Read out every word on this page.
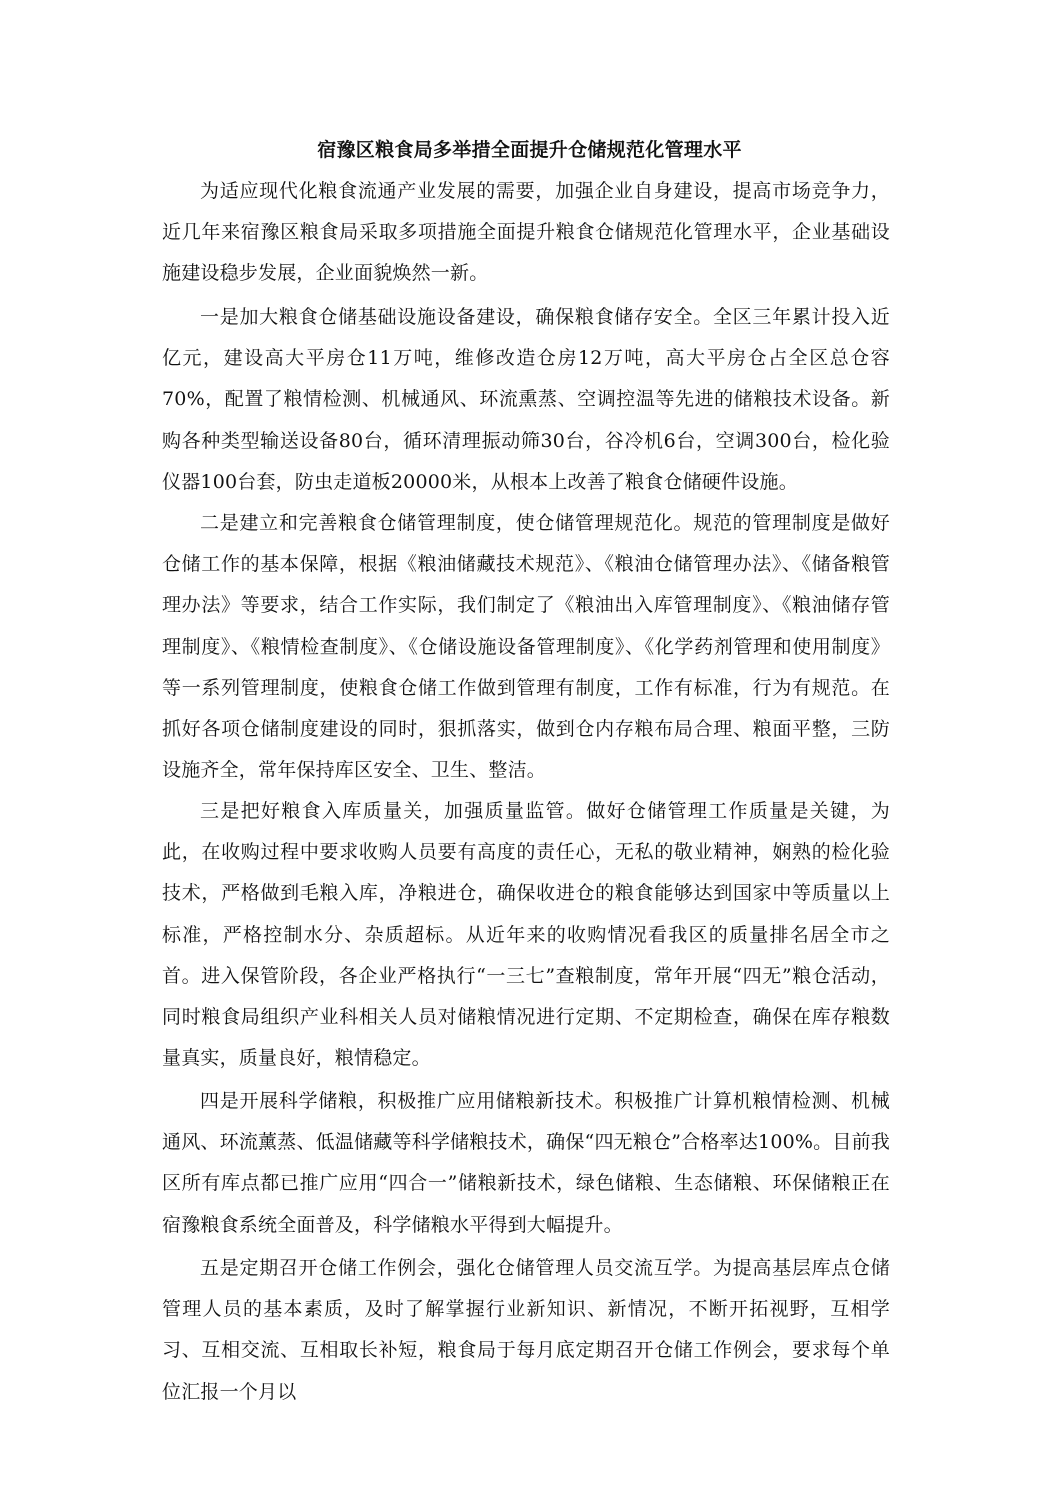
宿豫区粮食局多举措全面提升仓储规范化管理水平

为适应现代化粮食流通产业发展的需要，加强企业自身建设，提高市场竞争力，近几年来宿豫区粮食局采取多项措施全面提升粮食仓储规范化管理水平，企业基础设施建设稳步发展，企业面貌焕然一新。

一是加大粮食仓储基础设施设备建设，确保粮食储存安全。全区三年累计投入近亿元，建设高大平房仓11万吨，维修改造仓房12万吨，高大平房仓占全区总仓容70%，配置了粮情检测、机械通风、环流熏蒸、空调控温等先进的储粮技术设备。新购各种类型输送设备80台，循环清理振动筛30台，谷冷机6台，空调300台，检化验仪器100台套，防虫走道板20000米，从根本上改善了粮食仓储硬件设施。

二是建立和完善粮食仓储管理制度，使仓储管理规范化。规范的管理制度是做好仓储工作的基本保障，根据《粮油储藏技术规范》、《粮油仓储管理办法》、《储备粮管理办法》等要求，结合工作实际，我们制定了《粮油出入库管理制度》、《粮油储存管理制度》、《粮情检查制度》、《仓储设施设备管理制度》、《化学药剂管理和使用制度》等一系列管理制度，使粮食仓储工作做到管理有制度，工作有标准，行为有规范。在抓好各项仓储制度建设的同时，狠抓落实，做到仓内存粮布局合理、粮面平整，三防设施齐全，常年保持库区安全、卫生、整洁。

三是把好粮食入库质量关，加强质量监管。做好仓储管理工作质量是关键，为此，在收购过程中要求收购人员要有高度的责任心，无私的敬业精神，娴熟的检化验技术，严格做到毛粮入库，净粮进仓，确保收进仓的粮食能够达到国家中等质量以上标准，严格控制水分、杂质超标。从近年来的收购情况看我区的质量排名居全市之首。进入保管阶段，各企业严格执行“一三七”查粮制度，常年开展“四无”粮仓活动，同时粮食局组织产业科相关人员对储粮情况进行定期、不定期检查，确保在库存粮数量真实，质量良好，粮情稳定。

四是开展科学储粮，积极推广应用储粮新技术。积极推广计算机粮情检测、机械通风、环流薰蒸、低温储藏等科学储粮技术，确保“四无粮仓”合格率达100%。目前我区所有库点都已推广应用“四合一”储粮新技术，绿色储粮、生态储粮、环保储粮正在宿豫粮食系统全面普及，科学储粮水平得到大幅提升。

五是定期召开仓储工作例会，强化仓储管理人员交流互学。为提高基层库点仓储管理人员的基本素质，及时了解掌握行业新知识、新情况，不断开拓视野，互相学习、互相交流、互相取长补短，粮食局于每月底定期召开仓储工作例会，要求每个单位汇报一个月以
